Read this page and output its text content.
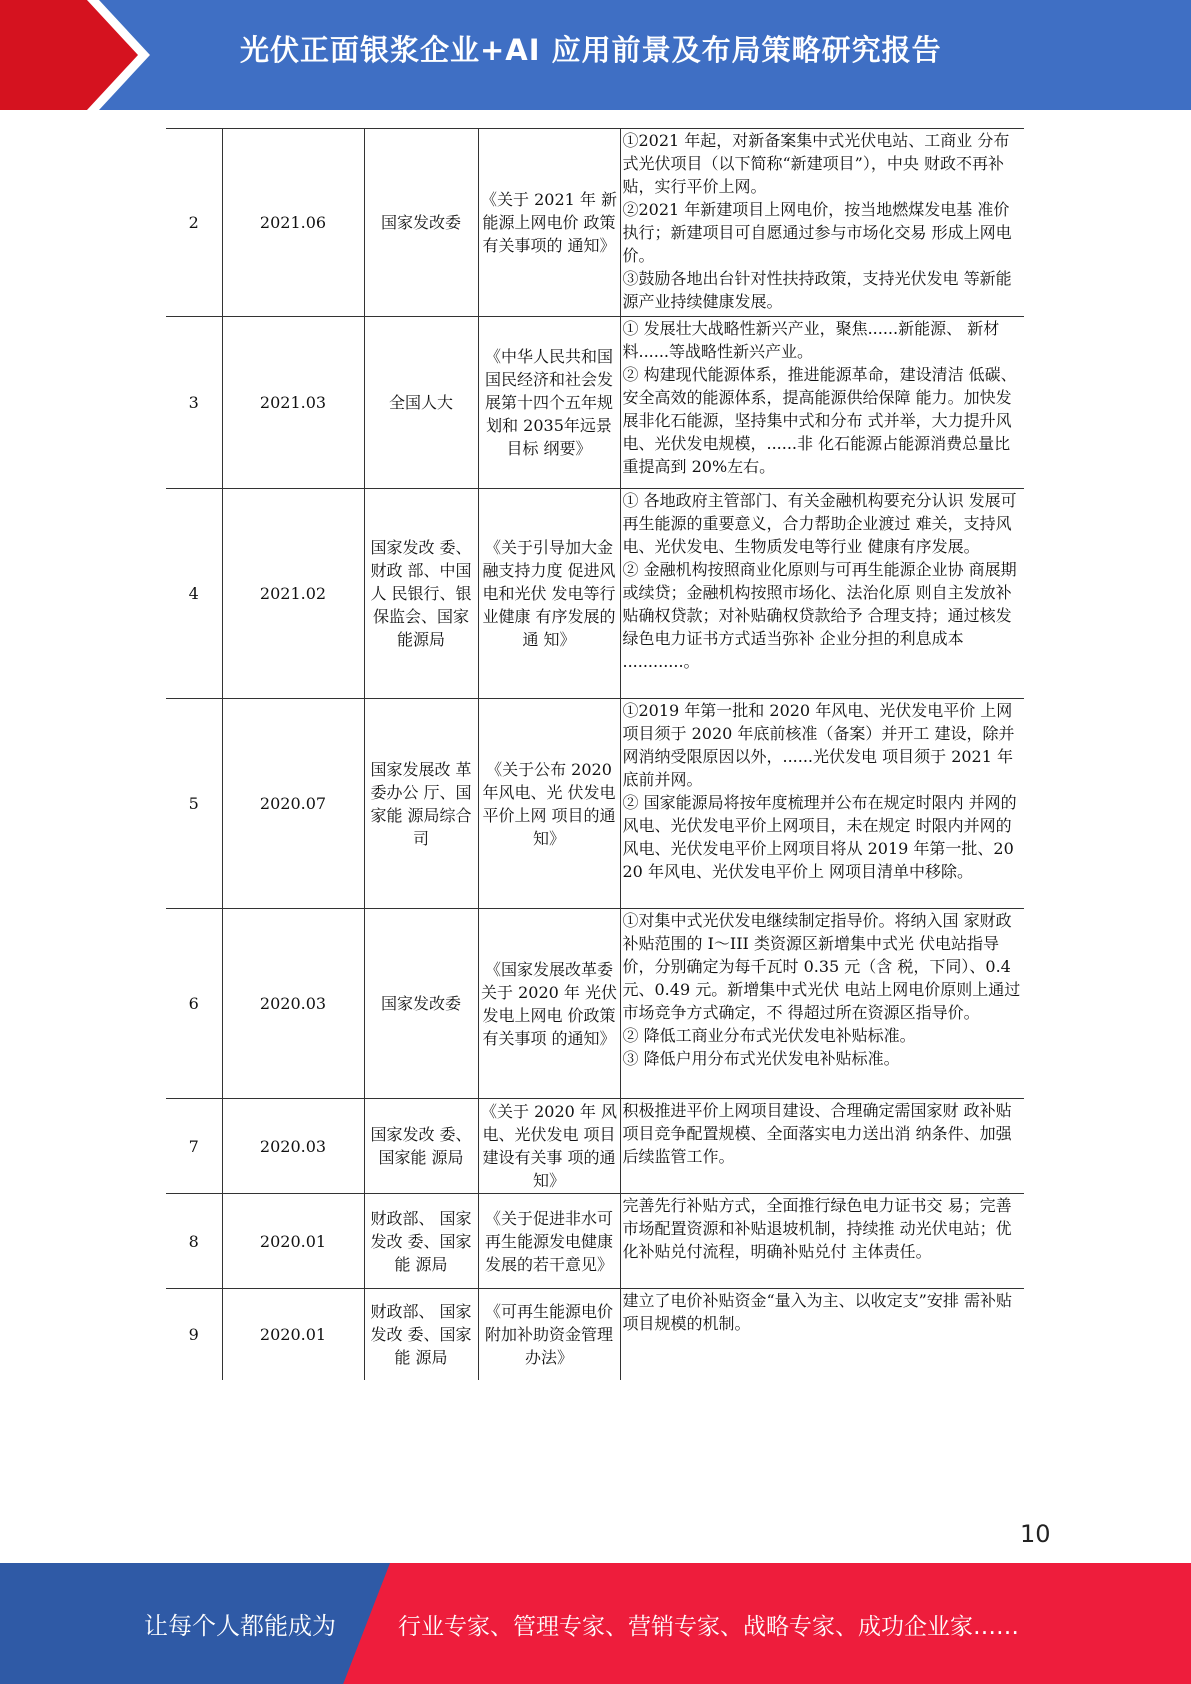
光伏正面银浆企业+AI 应用前景及布局策略研究报告
2	2021.06	国家发改委	《关于 2021 年 新能源上网电价 政策有关事项的 通知》	①2021 年起，对新备案集中式光伏电站、工商业 分布式光伏项目（以下简称“新建项目”），中央 财政不再补贴，实行平价上网。
②2021 年新建项目上网电价，按当地燃煤发电基 准价执行；新建项目可自愿通过参与市场化交易 形成上网电价。
③鼓励各地出台针对性扶持政策，支持光伏发电 等新能源产业持续健康发展。
3	2021.03	全国人大	《中华人民共和国国民经济和社会发展第十四个五年规划和 2035年远景目标 纲要》	① 发展壮大战略性新兴产业，聚焦......新能源、 新材料......等战略性新兴产业。
② 构建现代能源体系，推进能源革命，建设清洁 低碳、安全高效的能源体系，提高能源供给保障 能力。加快发展非化石能源，坚持集中式和分布 式并举，大力提升风电、光伏发电规模，......非 化石能源占能源消费总量比重提高到 20%左右。
4	2021.02	国家发改 委、财政 部、中国人 民银行、银保监会、国家能源局	《关于引导加大金融支持力度 促进风电和光伏 发电等行业健康 有序发展的通 知》	① 各地政府主管部门、有关金融机构要充分认识 发展可再生能源的重要意义，合力帮助企业渡过 难关，支持风电、光伏发电、生物质发电等行业 健康有序发展。
② 金融机构按照商业化原则与可再生能源企业协 商展期或续贷；金融机构按照市场化、法治化原 则自主发放补贴确权贷款；对补贴确权贷款给予 合理支持；通过核发绿色电力证书方式适当弥补 企业分担的利息成本 ............。
5	2020.07	国家发展改 革委办公 厅、国家能 源局综合司	《关于公布 2020 年风电、光 伏发电平价上网 项目的通知》	①2019 年第一批和 2020 年风电、光伏发电平价 上网项目须于 2020 年底前核准（备案）并开工 建设，除并网消纳受限原因以外，......光伏发电 项目须于 2021 年底前并网。
② 国家能源局将按年度梳理并公布在规定时限内 并网的风电、光伏发电平价上网项目，未在规定 时限内并网的风电、光伏发电平价上网项目将从 2019 年第一批、2020 年风电、光伏发电平价上 网项目清单中移除。
6	2020.03	国家发改委	《国家发展改革委关于 2020 年 光伏发电上网电 价政策有关事项 的通知》	①对集中式光伏发电继续制定指导价。将纳入国 家财政补贴范围的 I～III 类资源区新增集中式光 伏电站指导价，分别确定为每千瓦时 0.35 元（含 税，下同）、0.4 元、0.49 元。新增集中式光伏 电站上网电价原则上通过市场竞争方式确定，不 得超过所在资源区指导价。
② 降低工商业分布式光伏发电补贴标准。
③ 降低户用分布式光伏发电补贴标准。
7	2020.03	国家发改 委、国家能 源局	《关于 2020 年 风电、光伏发电 项目建设有关事 项的通知》	积极推进平价上网项目建设、合理确定需国家财 政补贴项目竞争配置规模、全面落实电力送出消 纳条件、加强后续监管工作。
8	2020.01	财政部、 国家发改 委、国家能 源局	《关于促进非水可再生能源发电健康发展的若干意见》	完善先行补贴方式，全面推行绿色电力证书交 易；完善市场配置资源和补贴退坡机制，持续推 动光伏电站；优化补贴兑付流程，明确补贴兑付 主体责任。
9	2020.01	财政部、 国家发改 委、国家能 源局	《可再生能源电价附加补助资金管理办法》	建立了电价补贴资金“量入为主、以收定支”安排 需补贴项目规模的机制。
10
让每个人都能成为	行业专家、管理专家、营销专家、战略专家、成功企业家……
